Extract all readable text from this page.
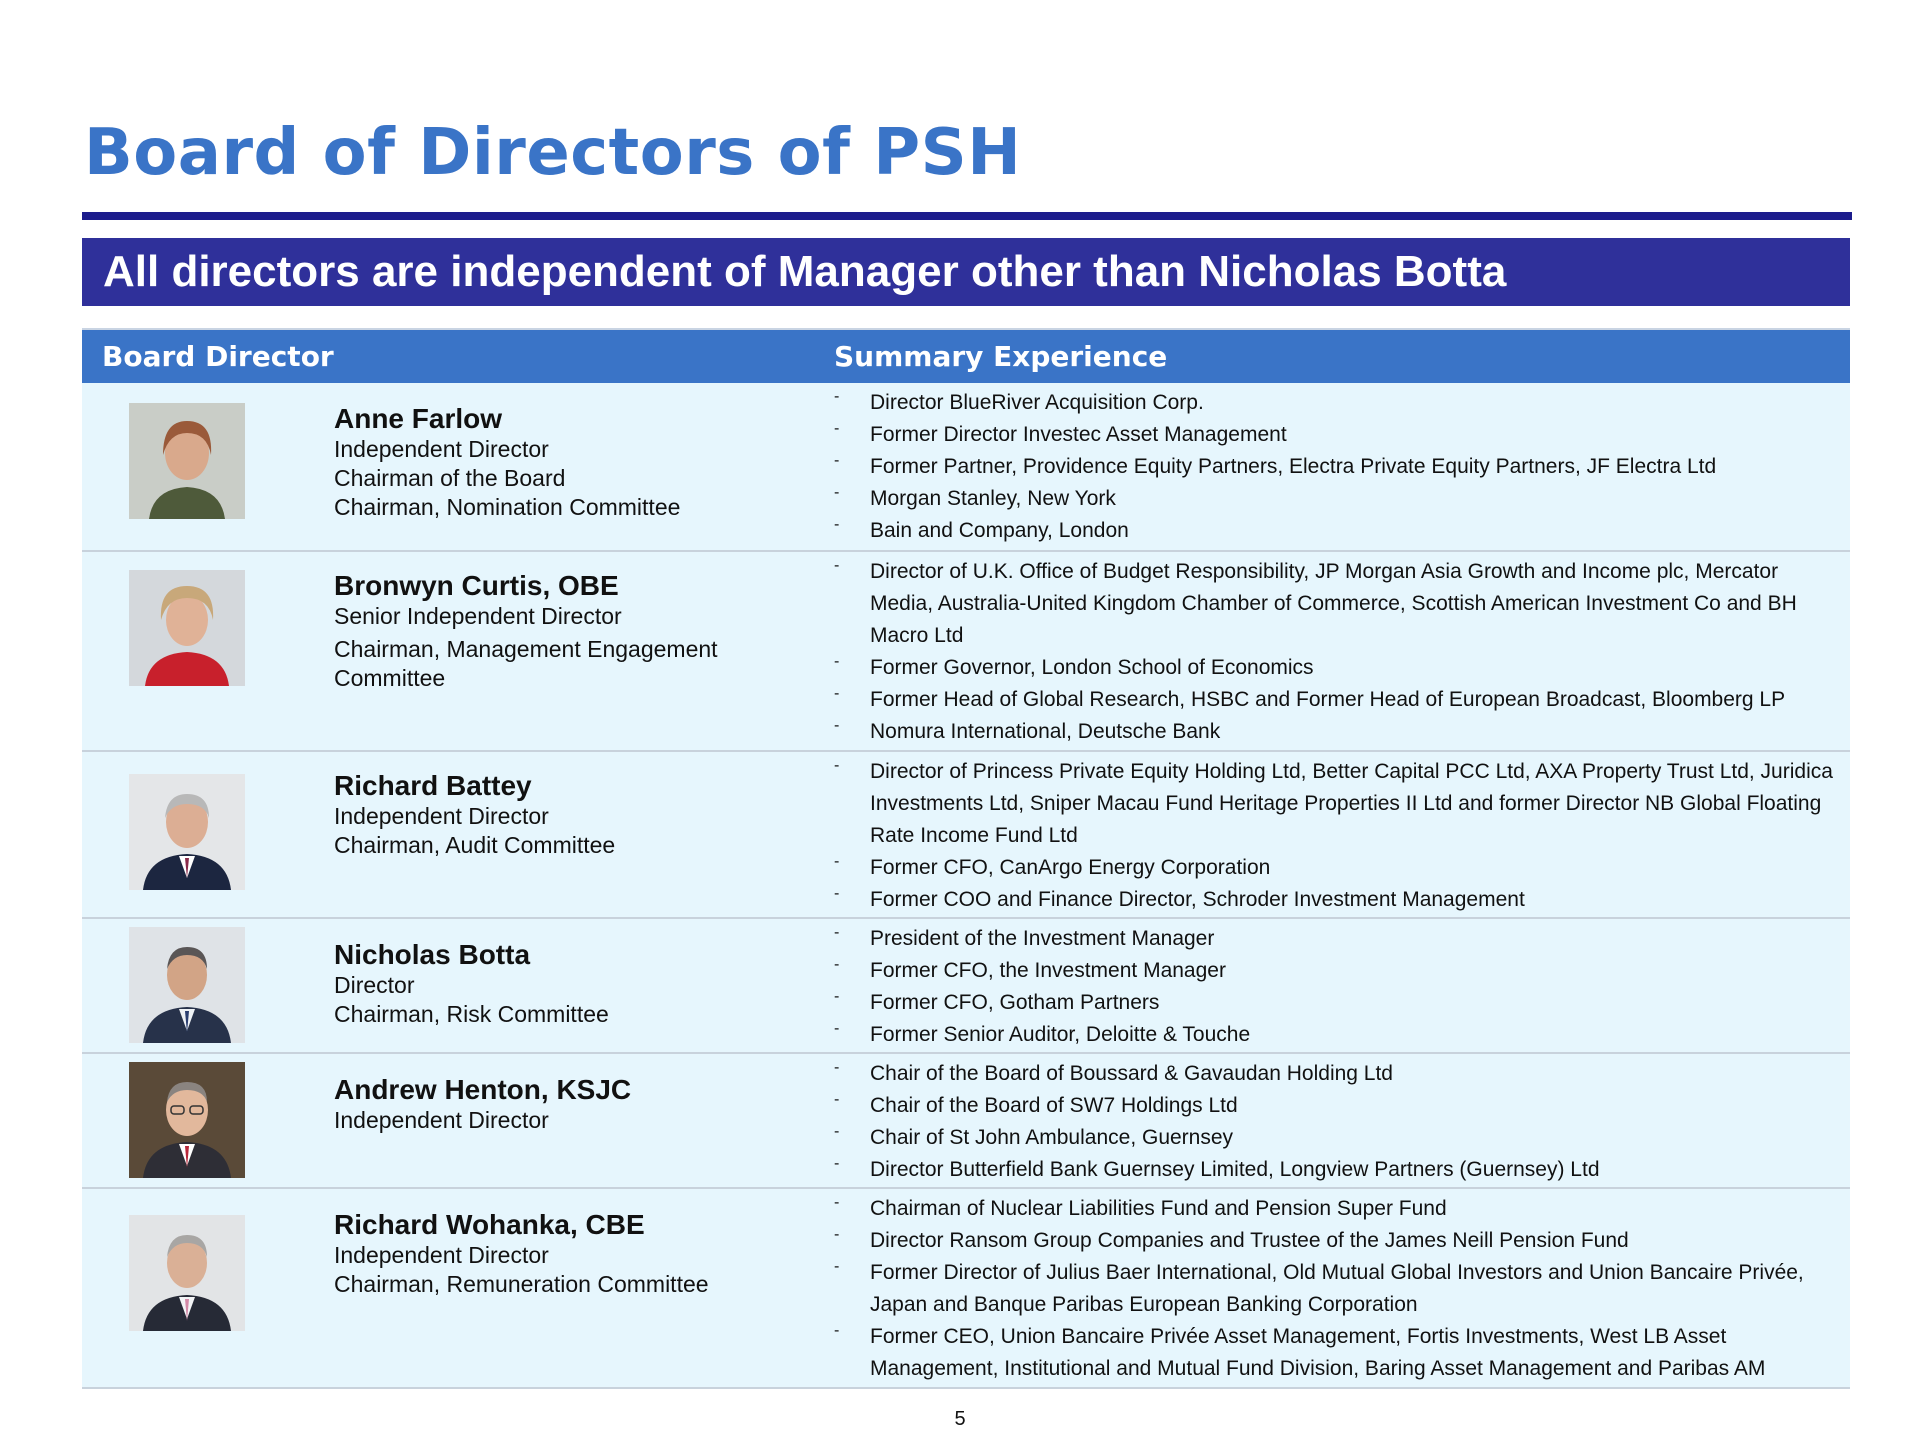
Board of Directors of PSH
All directors are independent of Manager other than Nicholas Botta
Board Director	Summary Experience
Anne Farlow
Independent Director
Chairman of the Board
Chairman, Nomination Committee
- Director BlueRiver Acquisition Corp.
- Former Director Investec Asset Management
- Former Partner, Providence Equity Partners, Electra Private Equity Partners, JF Electra Ltd
- Morgan Stanley, New York
- Bain and Company, London
Bronwyn Curtis, OBE
Senior Independent Director
Chairman, Management Engagement Committee
- Director of U.K. Office of Budget Responsibility, JP Morgan Asia Growth and Income plc, Mercator Media, Australia-United Kingdom Chamber of Commerce, Scottish American Investment Co and BH Macro Ltd
- Former Governor, London School of Economics
- Former Head of Global Research, HSBC and Former Head of European Broadcast, Bloomberg LP
- Nomura International, Deutsche Bank
Richard Battey
Independent Director
Chairman, Audit Committee
- Director of Princess Private Equity Holding Ltd, Better Capital PCC Ltd, AXA Property Trust Ltd, Juridica Investments Ltd, Sniper Macau Fund Heritage Properties II Ltd and former Director NB Global Floating Rate Income Fund Ltd
- Former CFO, CanArgo Energy Corporation
- Former COO and Finance Director, Schroder Investment Management
Nicholas Botta
Director
Chairman, Risk Committee
- President of the Investment Manager
- Former CFO, the Investment Manager
- Former CFO, Gotham Partners
- Former Senior Auditor, Deloitte & Touche
Andrew Henton, KSJC
Independent Director
- Chair of the Board of Boussard & Gavaudan Holding Ltd
- Chair of the Board of SW7 Holdings Ltd
- Chair of St John Ambulance, Guernsey
- Director Butterfield Bank Guernsey Limited, Longview Partners (Guernsey) Ltd
Richard Wohanka, CBE
Independent Director
Chairman, Remuneration Committee
- Chairman of Nuclear Liabilities Fund and Pension Super Fund
- Director Ransom Group Companies and Trustee of the James Neill Pension Fund
- Former Director of Julius Baer International, Old Mutual Global Investors and Union Bancaire Privée, Japan and Banque Paribas European Banking Corporation
- Former CEO, Union Bancaire Privée Asset Management, Fortis Investments, West LB Asset Management, Institutional and Mutual Fund Division, Baring Asset Management and Paribas AM
5
